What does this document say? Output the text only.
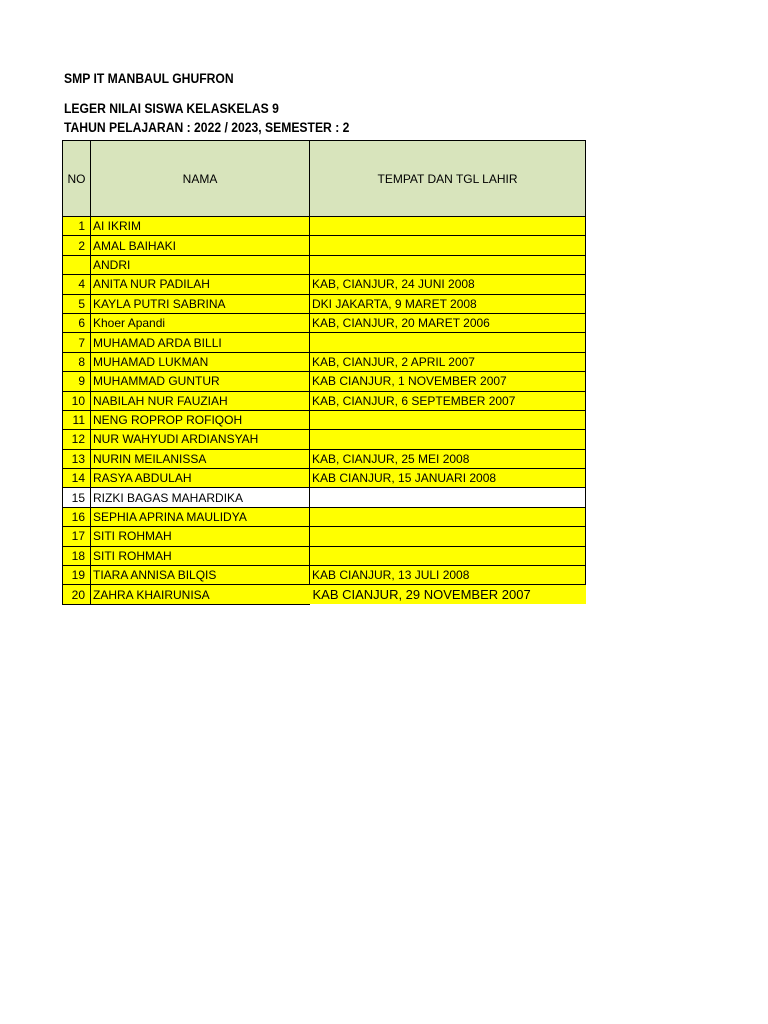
SMP IT MANBAUL GHUFRON
LEGER NILAI SISWA KELASKELAS 9
TAHUN PELAJARAN : 2022 / 2023, SEMESTER : 2
NO	NAMA	TEMPAT DAN TGL LAHIR
1	AI IKRIM	
2	AMAL BAIHAKI	
	ANDRI	
4	ANITA NUR PADILAH	KAB, CIANJUR, 24 JUNI 2008
5	KAYLA PUTRI SABRINA	DKI JAKARTA, 9 MARET 2008
6	Khoer Apandi	KAB, CIANJUR, 20 MARET 2006
7	MUHAMAD ARDA BILLI	
8	MUHAMAD LUKMAN	KAB, CIANJUR, 2 APRIL 2007
9	MUHAMMAD GUNTUR	KAB CIANJUR, 1 NOVEMBER 2007
10	NABILAH NUR FAUZIAH	KAB, CIANJUR, 6 SEPTEMBER 2007
11	NENG ROPROP ROFIQOH	
12	NUR WAHYUDI ARDIANSYAH	
13	NURIN MEILANISSA	KAB, CIANJUR, 25 MEI 2008
14	RASYA ABDULAH	KAB CIANJUR, 15 JANUARI 2008
15	RIZKI BAGAS MAHARDIKA	
16	SEPHIA APRINA MAULIDYA	
17	SITI ROHMAH	
18	SITI ROHMAH	
19	TIARA ANNISA BILQIS	KAB CIANJUR, 13 JULI 2008
20	ZAHRA KHAIRUNISA	KAB CIANJUR, 29 NOVEMBER 2007
